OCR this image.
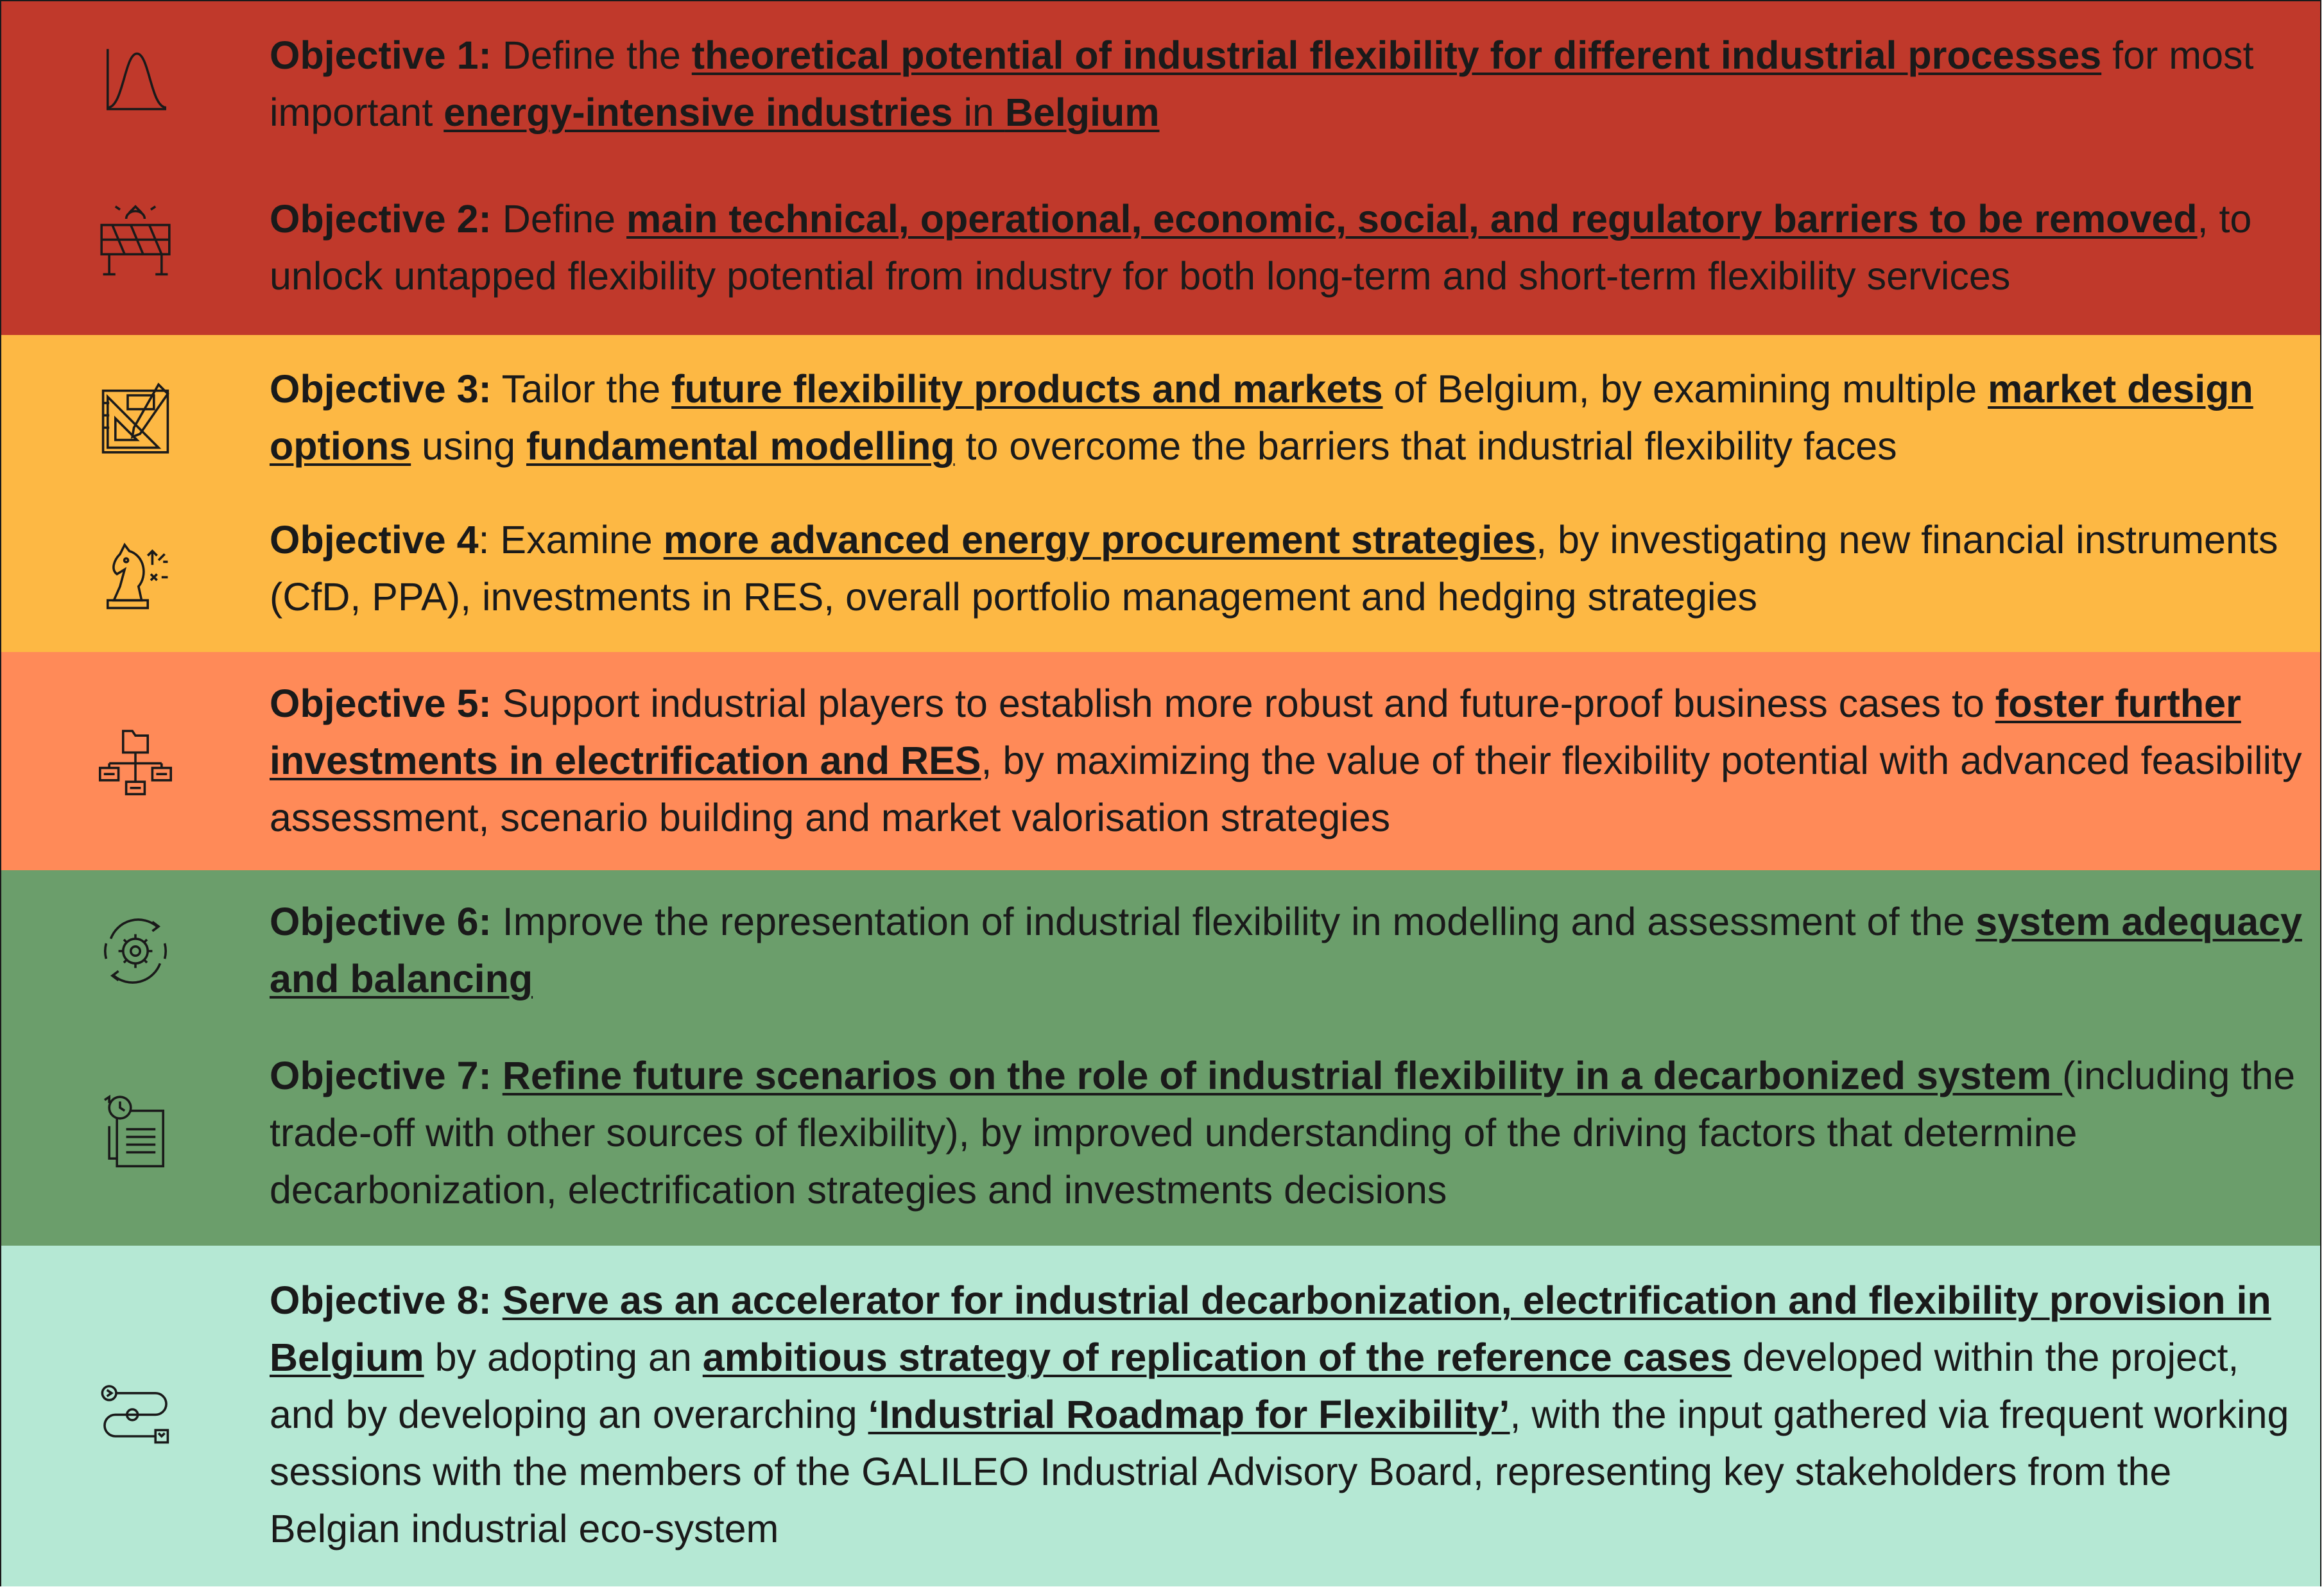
Objective 1: Define the theoretical potential of industrial flexibility for different industrial processes for most important energy-intensive industries in Belgium
Objective 2: Define main technical, operational, economic, social, and regulatory barriers to be removed, to unlock untapped flexibility potential from industry for both long-term and short-term flexibility services
Objective 3: Tailor the future flexibility products and markets of Belgium, by examining multiple market design options using fundamental modelling to overcome the barriers that industrial flexibility faces
Objective 4: Examine more advanced energy procurement strategies, by investigating new financial instruments (CfD, PPA), investments in RES, overall portfolio management and hedging strategies
Objective 5: Support industrial players to establish more robust and future-proof business cases to foster further investments in electrification and RES, by maximizing the value of their flexibility potential with advanced feasibility assessment, scenario building and market valorisation strategies
Objective 6: Improve the representation of industrial flexibility in modelling and assessment of the system adequacy and balancing
Objective 7: Refine future scenarios on the role of industrial flexibility in a decarbonized system (including the trade-off with other sources of flexibility), by improved understanding of the driving factors that determine decarbonization, electrification strategies and investments decisions
Objective 8: Serve as an accelerator for industrial decarbonization, electrification and flexibility provision in Belgium by adopting an ambitious strategy of replication of the reference cases developed within the project, and by developing an overarching ‘Industrial Roadmap for Flexibility’, with the input gathered via frequent working sessions with the members of the GALILEO Industrial Advisory Board, representing key stakeholders from the Belgian industrial eco-system
